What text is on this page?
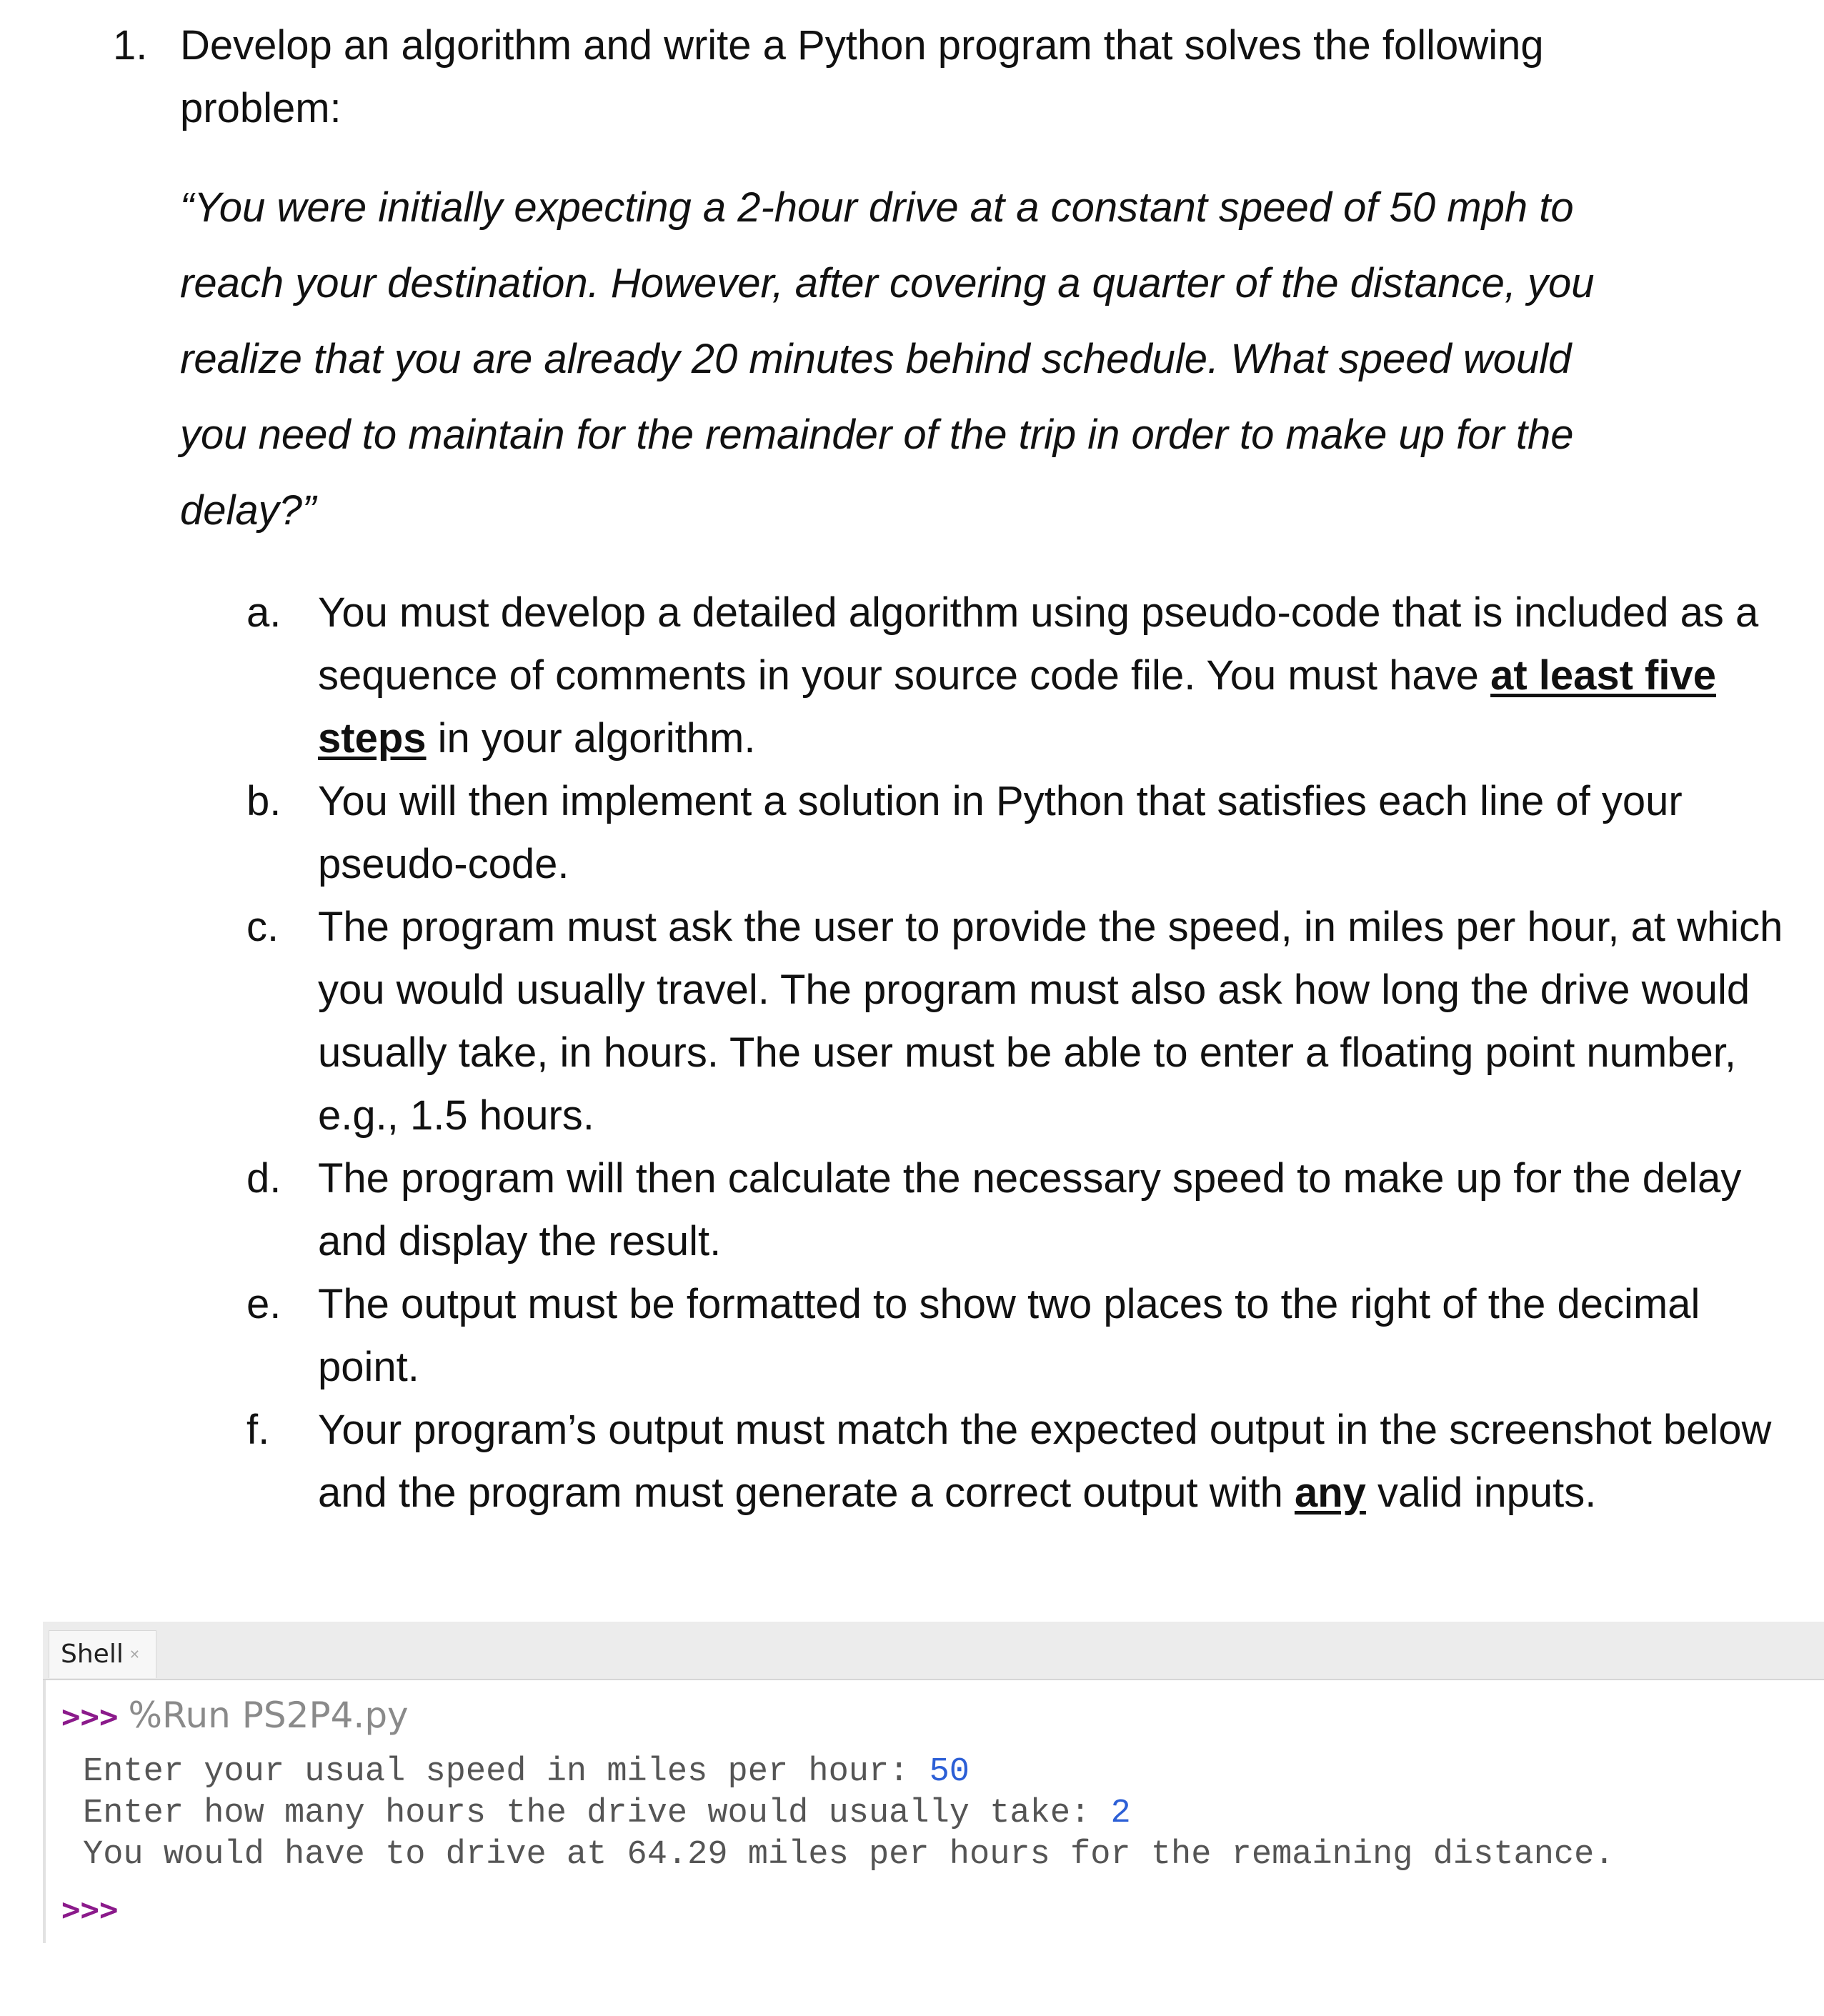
1. Develop an algorithm and write a Python program that solves the following problem:
“You were initially expecting a 2-hour drive at a constant speed of 50 mph to reach your destination. However, after covering a quarter of the distance, you realize that you are already 20 minutes behind schedule. What speed would you need to maintain for the remainder of the trip in order to make up for the delay?”
a. You must develop a detailed algorithm using pseudo-code that is included as a sequence of comments in your source code file. You must have at least five steps in your algorithm.
b. You will then implement a solution in Python that satisfies each line of your pseudo-code.
c. The program must ask the user to provide the speed, in miles per hour, at which you would usually travel. The program must also ask how long the drive would usually take, in hours. The user must be able to enter a floating point number, e.g., 1.5 hours.
d. The program will then calculate the necessary speed to make up for the delay and display the result.
e. The output must be formatted to show two places to the right of the decimal point.
f.	Your program’s output must match the expected output in the screenshot below and the program must generate a correct output with any valid inputs.
Shell ✕
>>> %Run PS2P4.py
Enter your usual speed in miles per hour: 50
Enter how many hours the drive would usually take: 2
You would have to drive at 64.29 miles per hours for the remaining distance.
>>>
